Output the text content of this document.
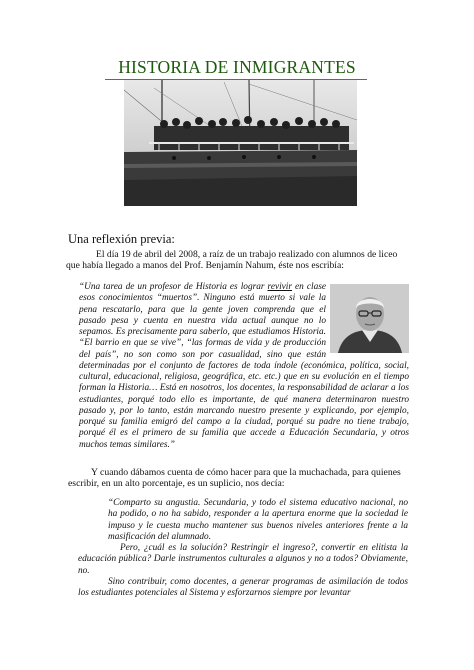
HISTORIA DE INMIGRANTES
Una reflexión previa:
El día 19 de abril del 2008, a raíz de un trabajo realizado con alumnos de liceo
que había llegado a manos del Prof. Benjamín Nahum, éste nos escribía:
“Una tarea de un profesor de Historia es lograr revivir en clase esos conocimientos “muertos”. Ninguno está muerto si vale la pena rescatarlo, para que la gente joven comprenda que el pasado pesa y cuenta en nuestra vida actual aunque no lo sepamos. Es precisamente para saberlo, que estudiamos Historia. “El barrio en que se vive”, “las formas de vida y de producción del país”, no son como son por casualidad, sino que están determinadas por el conjunto de factores de toda índole (económica, política, social, cultural, educacional, religiosa, geográfica, etc. etc.) que en su evolución en el tiempo forman la Historia… Está en nosotros, los docentes, la responsabilidad de aclarar a los estudiantes, porqué todo ello es importante, de qué manera determinaron nuestro pasado y, por lo tanto, están marcando nuestro presente y explicando, por ejemplo, porqué su familia emigró del campo a la ciudad, porqué su padre no tiene trabajo, porqué él es el primero de su familia que accede a Educación Secundaria, y otros muchos temas similares.”
Y cuando dábamos cuenta de cómo hacer para que la muchachada, para quienes
escribir, en un alto porcentaje, es un suplicio, nos decía:
“Comparto su angustia. Secundaria, y todo el sistema educativo nacional, no ha podido, o no ha sabido, responder a la apertura enorme que la sociedad le impuso y le cuesta mucho mantener sus buenos niveles anteriores frente a la masificación del alumnado.
Pero, ¿cuál es la solución? Restringir el ingreso?, convertir en elitista la educación pública? Darle instrumentos culturales a algunos y no a todos? Obviamente, no.
Sino contribuir, como docentes, a generar programas de asimilación de todos los estudiantes potenciales al Sistema y esforzarnos siempre por levantar
